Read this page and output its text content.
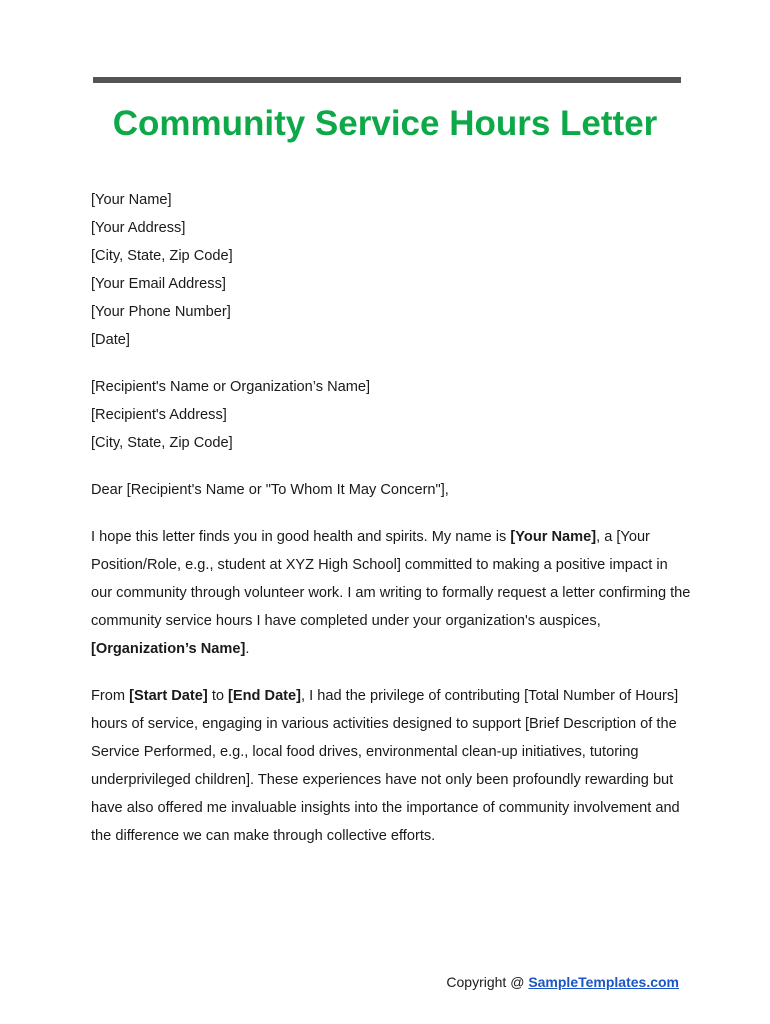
Community Service Hours Letter
[Your Name]
[Your Address]
[City, State, Zip Code]
[Your Email Address]
[Your Phone Number]
[Date]
[Recipient's Name or Organization’s Name]
[Recipient's Address]
[City, State, Zip Code]
Dear [Recipient's Name or "To Whom It May Concern"],
I hope this letter finds you in good health and spirits. My name is [Your Name], a [Your Position/Role, e.g., student at XYZ High School] committed to making a positive impact in our community through volunteer work. I am writing to formally request a letter confirming the community service hours I have completed under your organization's auspices, [Organization’s Name].
From [Start Date] to [End Date], I had the privilege of contributing [Total Number of Hours] hours of service, engaging in various activities designed to support [Brief Description of the Service Performed, e.g., local food drives, environmental clean-up initiatives, tutoring underprivileged children]. These experiences have not only been profoundly rewarding but have also offered me invaluable insights into the importance of community involvement and the difference we can make through collective efforts.
Copyright @ SampleTemplates.com
